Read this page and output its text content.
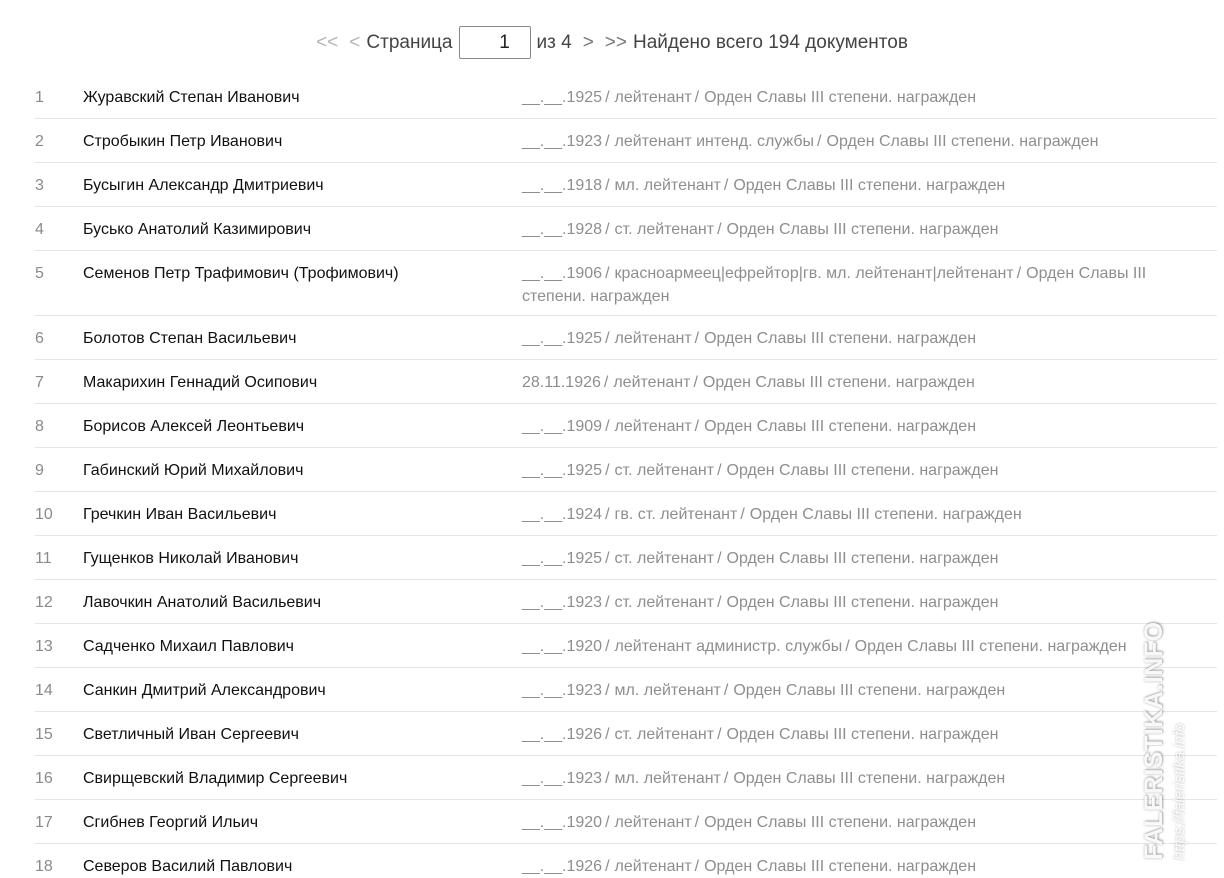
<< < Страница
1	из 4 > >> Найдено всего 194 документов
1	Журавский Степан Иванович	__.__.1925 / лейтенант / Орден Славы III степени. награжден
2	Стробыкин Петр Иванович	__.__.1923 / лейтенант интенд. службы / Орден Славы III степени. награжден
3	Бусыгин Александр Дмитриевич	__.__.1918 / мл. лейтенант / Орден Славы III степени. награжден
4	Бусько Анатолий Казимирович	__.__.1928 / ст. лейтенант / Орден Славы III степени. награжден
5	Семенов Петр Трафимович (Трофимович)	__.__.1906 / красноармеец|ефрейтор|гв. мл. лейтенант|лейтенант / Орден Славы III степени. награжден
6	Болотов Степан Васильевич	__.__.1925 / лейтенант / Орден Славы III степени. награжден
7	Макарихин Геннадий Осипович	28.11.1926 / лейтенант / Орден Славы III степени. награжден
8	Борисов Алексей Леонтьевич	__.__.1909 / лейтенант / Орден Славы III степени. награжден
9	Габинский Юрий Михайлович	__.__.1925 / ст. лейтенант / Орден Славы III степени. награжден
10	Гречкин Иван Васильевич	__.__.1924 / гв. ст. лейтенант / Орден Славы III степени. награжден
11	Гущенков Николай Иванович	__.__.1925 / ст. лейтенант / Орден Славы III степени. награжден
12	Лавочкин Анатолий Васильевич	__.__.1923 / ст. лейтенант / Орден Славы III степени. награжден
13	Садченко Михаил Павлович	__.__.1920 / лейтенант администр. службы / Орден Славы III степени. награжден
14	Санкин Дмитрий Александрович	__.__.1923 / мл. лейтенант / Орден Славы III степени. награжден
15	Светличный Иван Сергеевич	__.__.1926 / ст. лейтенант / Орден Славы III степени. награжден
16	Свирщевский Владимир Сергеевич	__.__.1923 / мл. лейтенант / Орден Славы III степени. награжден
17	Сгибнев Георгий Ильич	__.__.1920 / лейтенант / Орден Славы III степени. награжден
18	Северов Василий Павлович	__.__.1926 / лейтенант / Орден Славы III степени. награжден
FALERISTIKA.INFO https://faleristika.info
